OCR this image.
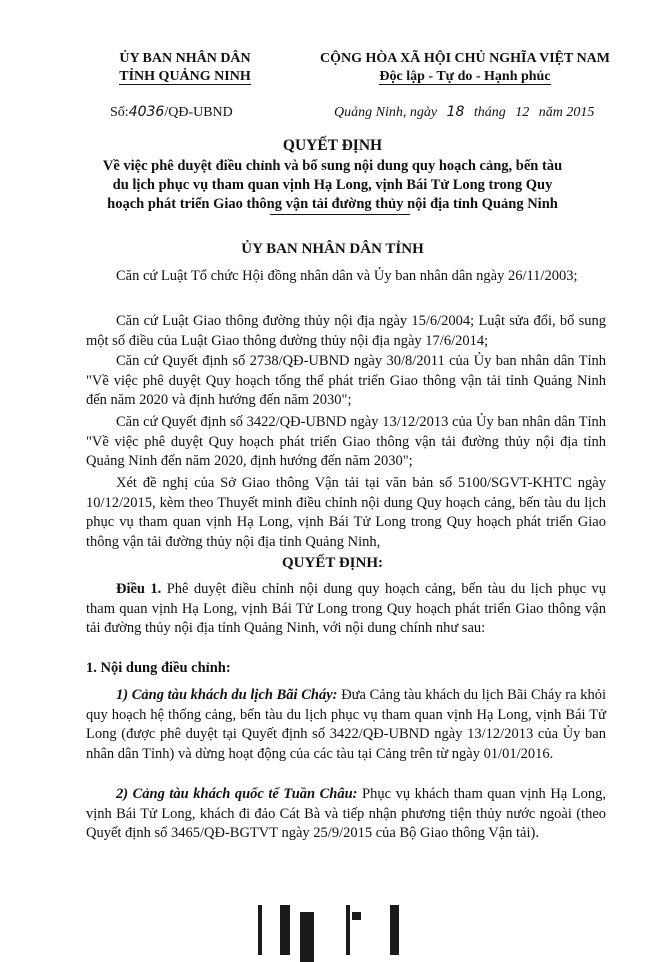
ỦY BAN NHÂN DÂN
TỈNH QUẢNG NINH
CỘNG HÒA XÃ HỘI CHỦ NGHĨA VIỆT NAM
Độc lập - Tự do - Hạnh phúc
Số:4036/QĐ-UBND	Quảng Ninh, ngày 18 tháng 12 năm 2015
QUYẾT ĐỊNH
Về việc phê duyệt điều chỉnh và bổ sung nội dung quy hoạch cảng, bến tàu
du lịch phục vụ tham quan vịnh Hạ Long, vịnh Bái Tử Long trong Quy
hoạch phát triển Giao thông vận tải đường thủy nội địa tỉnh Quảng Ninh
ỦY BAN NHÂN DÂN TỈNH

Căn cứ Luật Tổ chức Hội đồng nhân dân và Ủy ban nhân dân ngày 26/11/2003;

Căn cứ Luật Giao thông đường thủy nội địa ngày 15/6/2004; Luật sửa đổi, bổ sung một số điều của Luật Giao thông đường thủy nội địa ngày 17/6/2014;

Căn cứ Quyết định số 2738/QĐ-UBND ngày 30/8/2011 của Ủy ban nhân dân Tỉnh "Về việc phê duyệt Quy hoạch tổng thể phát triển Giao thông vận tải tỉnh Quảng Ninh đến năm 2020 và định hướng đến năm 2030";

Căn cứ Quyết định số 3422/QĐ-UBND ngày 13/12/2013 của Ủy ban nhân dân Tỉnh "Về việc phê duyệt Quy hoạch phát triển Giao thông vận tải đường thủy nội địa tỉnh Quảng Ninh đến năm 2020, định hướng đến năm 2030";

Xét đề nghị của Sở Giao thông Vận tải tại văn bản số 5100/SGVT-KHTC ngày 10/12/2015, kèm theo Thuyết minh điều chỉnh nội dung Quy hoạch cảng, bến tàu du lịch phục vụ tham quan vịnh Hạ Long, vịnh Bái Tử Long trong Quy hoạch phát triển Giao thông vận tải đường thủy nội địa tỉnh Quảng Ninh,

QUYẾT ĐỊNH:

Điều 1. Phê duyệt điều chỉnh nội dung quy hoạch cảng, bến tàu du lịch phục vụ tham quan vịnh Hạ Long, vịnh Bái Tử Long trong Quy hoạch phát triển Giao thông vận tải đường thủy nội địa tỉnh Quảng Ninh, với nội dung chính như sau:

1. Nội dung điều chỉnh:

1) Cảng tàu khách du lịch Bãi Cháy: Đưa Cảng tàu khách du lịch Bãi Cháy ra khỏi quy hoạch hệ thống cảng, bến tàu du lịch phục vụ tham quan vịnh Hạ Long, vịnh Bái Tử Long (được phê duyệt tại Quyết định số 3422/QĐ-UBND ngày 13/12/2013 của Ủy ban nhân dân Tỉnh) và dừng hoạt động của các tàu tại Cảng trên từ ngày 01/01/2016.

2) Cảng tàu khách quốc tế Tuần Châu: Phục vụ khách tham quan vịnh Hạ Long, vịnh Bái Tử Long, khách đi đảo Cát Bà và tiếp nhận phương tiện thủy nước ngoài (theo Quyết định số 3465/QĐ-BGTVT ngày 25/9/2015 của Bộ Giao thông Vận tải).
